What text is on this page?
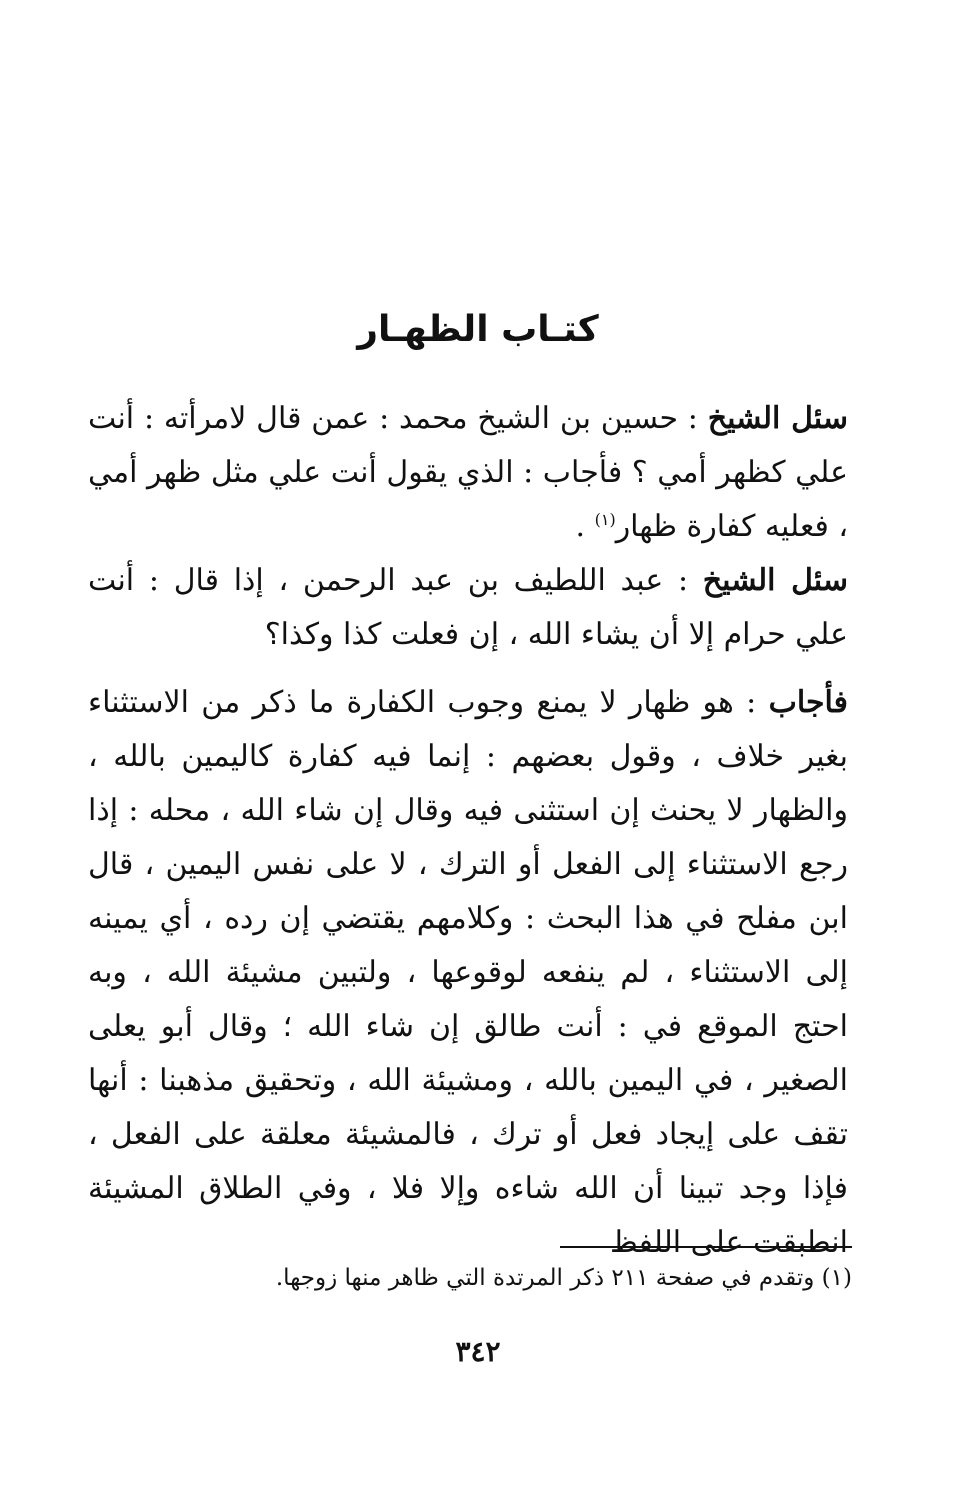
كتـاب الظهـار

سئل الشيخ : حسين بن الشيخ محمد : عمن قال لامرأته : أنت علي كظهر أمي ؟ فأجاب : الذي يقول أنت علي مثل ظهر أمي ، فعليه كفارة ظهار$^{(١)}$ .

سئل الشيخ : عبد اللطيف بن عبد الرحمن ، إذا قال : أنت علي حرام إلا أن يشاء الله ، إن فعلت كذا وكذا؟

فأجاب : هو ظهار لا يمنع وجوب الكفارة ما ذكر من الاستثناء بغير خلاف ، وقول بعضهم : إنما فيه كفارة كاليمين بالله ، والظهار لا يحنث إن استثنى فيه وقال إن شاء الله ، محله : إذا رجع الاستثناء إلى الفعل أو الترك ، لا على نفس اليمين ، قال ابن مفلح في هذا البحث : وكلامهم يقتضي إن رده ، أي يمينه إلى الاستثناء ، لم ينفعه لوقوعها ، ولتبين مشيئة الله ، وبه احتج الموقع في : أنت طالق إن شاء الله ؛ وقال أبو يعلى الصغير ، في اليمين بالله ، ومشيئة الله ، وتحقيق مذهبنا : أنها تقف على إيجاد فعل أو ترك ، فالمشيئة معلقة على الفعل ، فإذا وجد تبينا أن الله شاءه وإلا فلا ، وفي الطلاق المشيئة انطبقت على اللفظ

(١) وتقدم في صفحة ٢١١ ذكر المرتدة التي ظاهر منها زوجها.
٣٤٢
